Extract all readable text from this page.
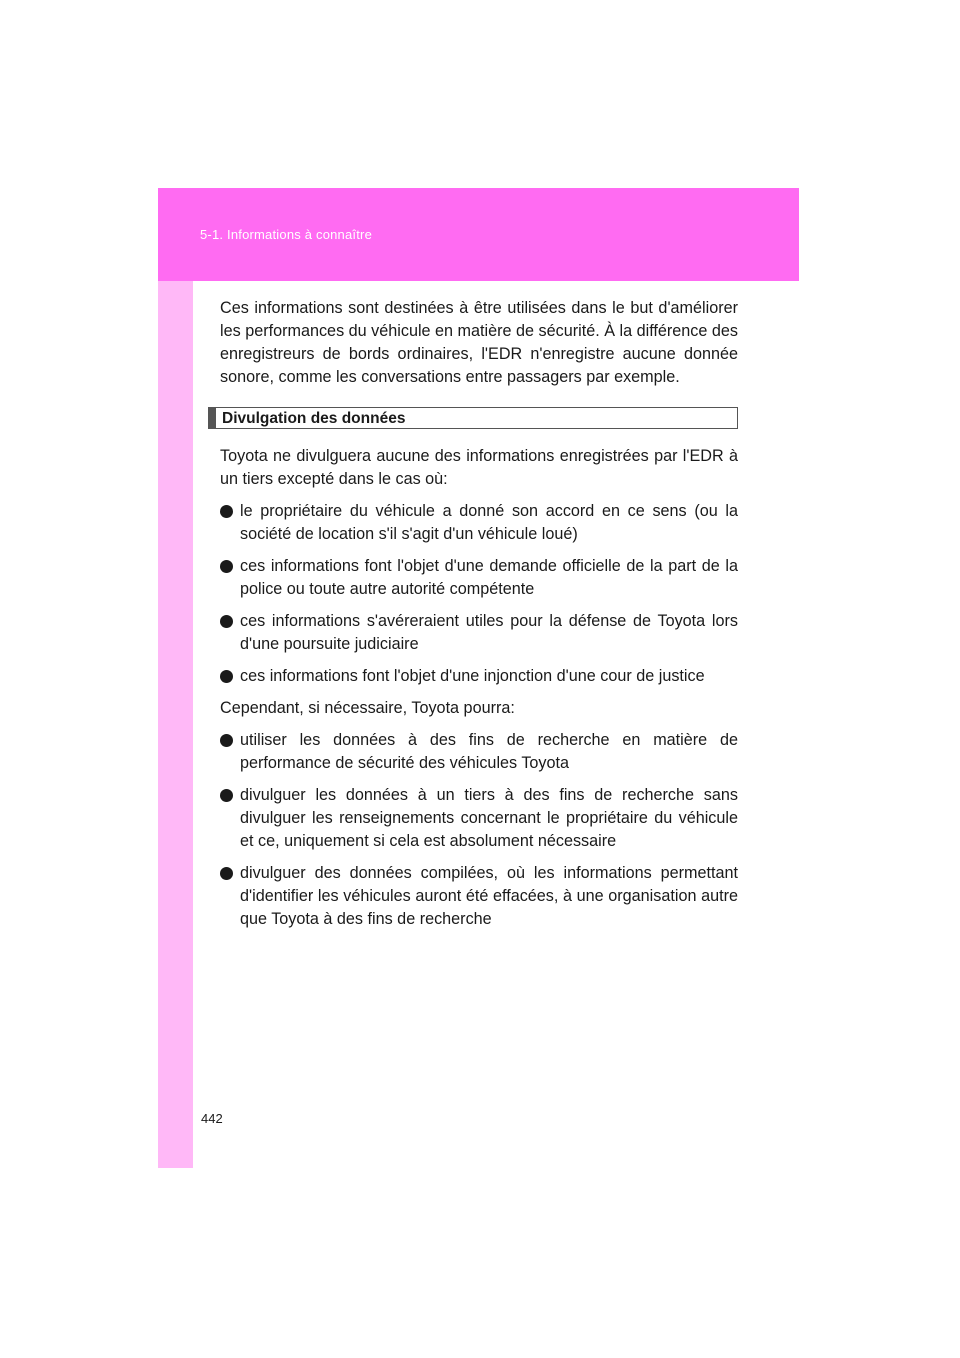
5-1. Informations à connaître
442

Ces informations sont destinées à être utilisées dans le but d'améliorer les performances du véhicule en matière de sécurité. À la différence des enregistreurs de bords ordinaires, l'EDR n'enregistre aucune donnée sonore, comme les conversations entre passagers par exemple.

Divulgation des données

Toyota ne divulguera aucune des informations enregistrées par l'EDR à un tiers excepté dans le cas où:

le propriétaire du véhicule a donné son accord en ce sens (ou la société de location s'il s'agit d'un véhicule loué)
ces informations font l'objet d'une demande officielle de la part de la police ou toute autre autorité compétente
ces informations s'avéreraient utiles pour la défense de Toyota lors d'une poursuite judiciaire
ces informations font l'objet d'une injonction d'une cour de justice

Cependant, si nécessaire, Toyota pourra:

utiliser les données à des fins de recherche en matière de performance de sécurité des véhicules Toyota
divulguer les données à un tiers à des fins de recherche sans divulguer les renseignements concernant le propriétaire du véhicule et ce, uniquement si cela est absolument nécessaire
divulguer des données compilées, où les informations permettant d'identifier les véhicules auront été effacées, à une organisation autre que Toyota à des fins de recherche
